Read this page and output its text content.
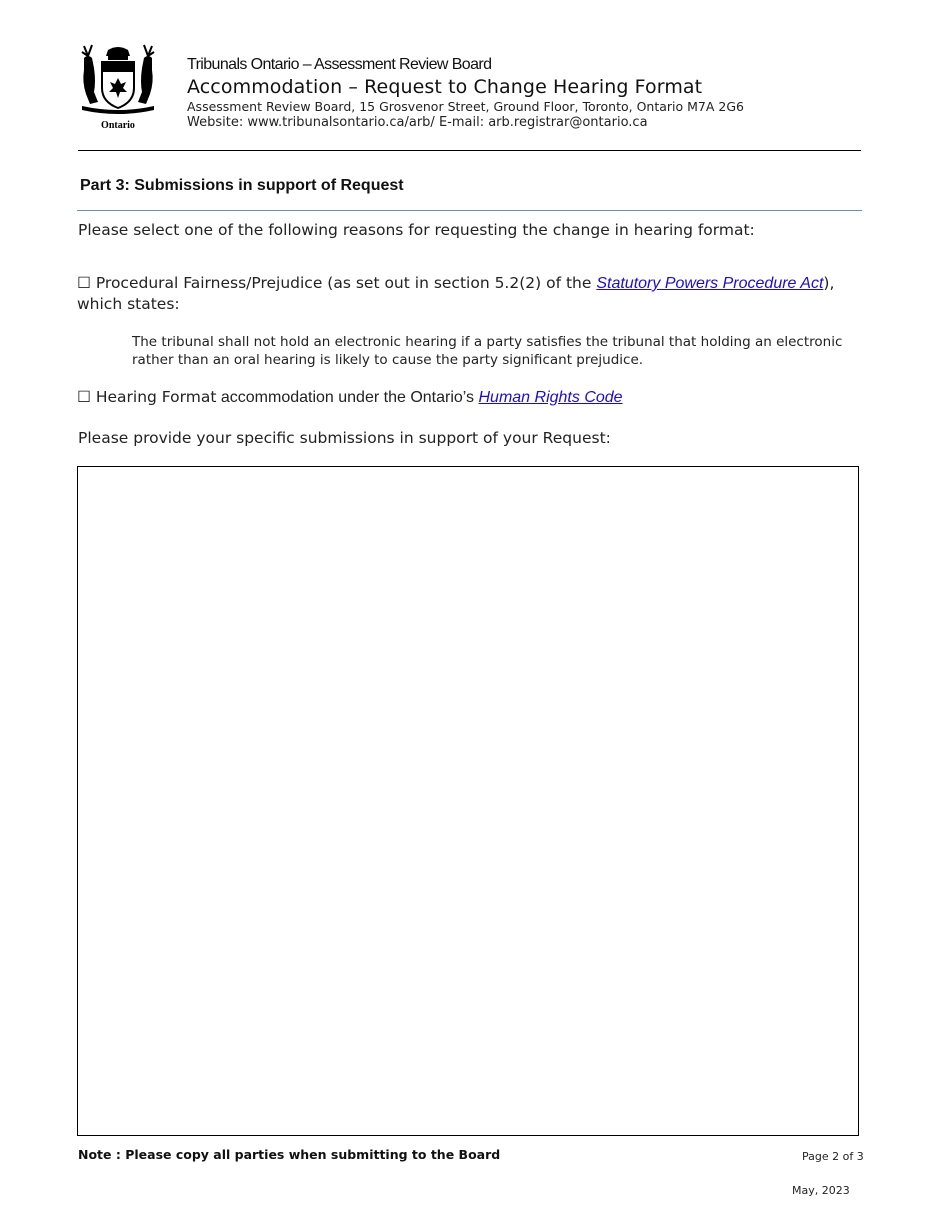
Ontario
Tribunals Ontario – Assessment Review Board
Accommodation – Request to Change Hearing Format
Assessment Review Board, 15 Grosvenor Street, Ground Floor, Toronto, Ontario M7A 2G6
Website: www.tribunalsontario.ca/arb/ E-mail: arb.registrar@ontario.ca
Part 3: Submissions in support of Request
Please select one of the following reasons for requesting the change in hearing format:
☐ Procedural Fairness/Prejudice (as set out in section 5.2(2) of the Statutory Powers Procedure Act), which states:
The tribunal shall not hold an electronic hearing if a party satisfies the tribunal that holding an electronic rather than an oral hearing is likely to cause the party significant prejudice.
☐ Hearing Format accommodation under the Ontario’s Human Rights Code
Please provide your specific submissions in support of your Request:
Note : Please copy all parties when submitting to the Board	Page 2 of 3
May, 2023
